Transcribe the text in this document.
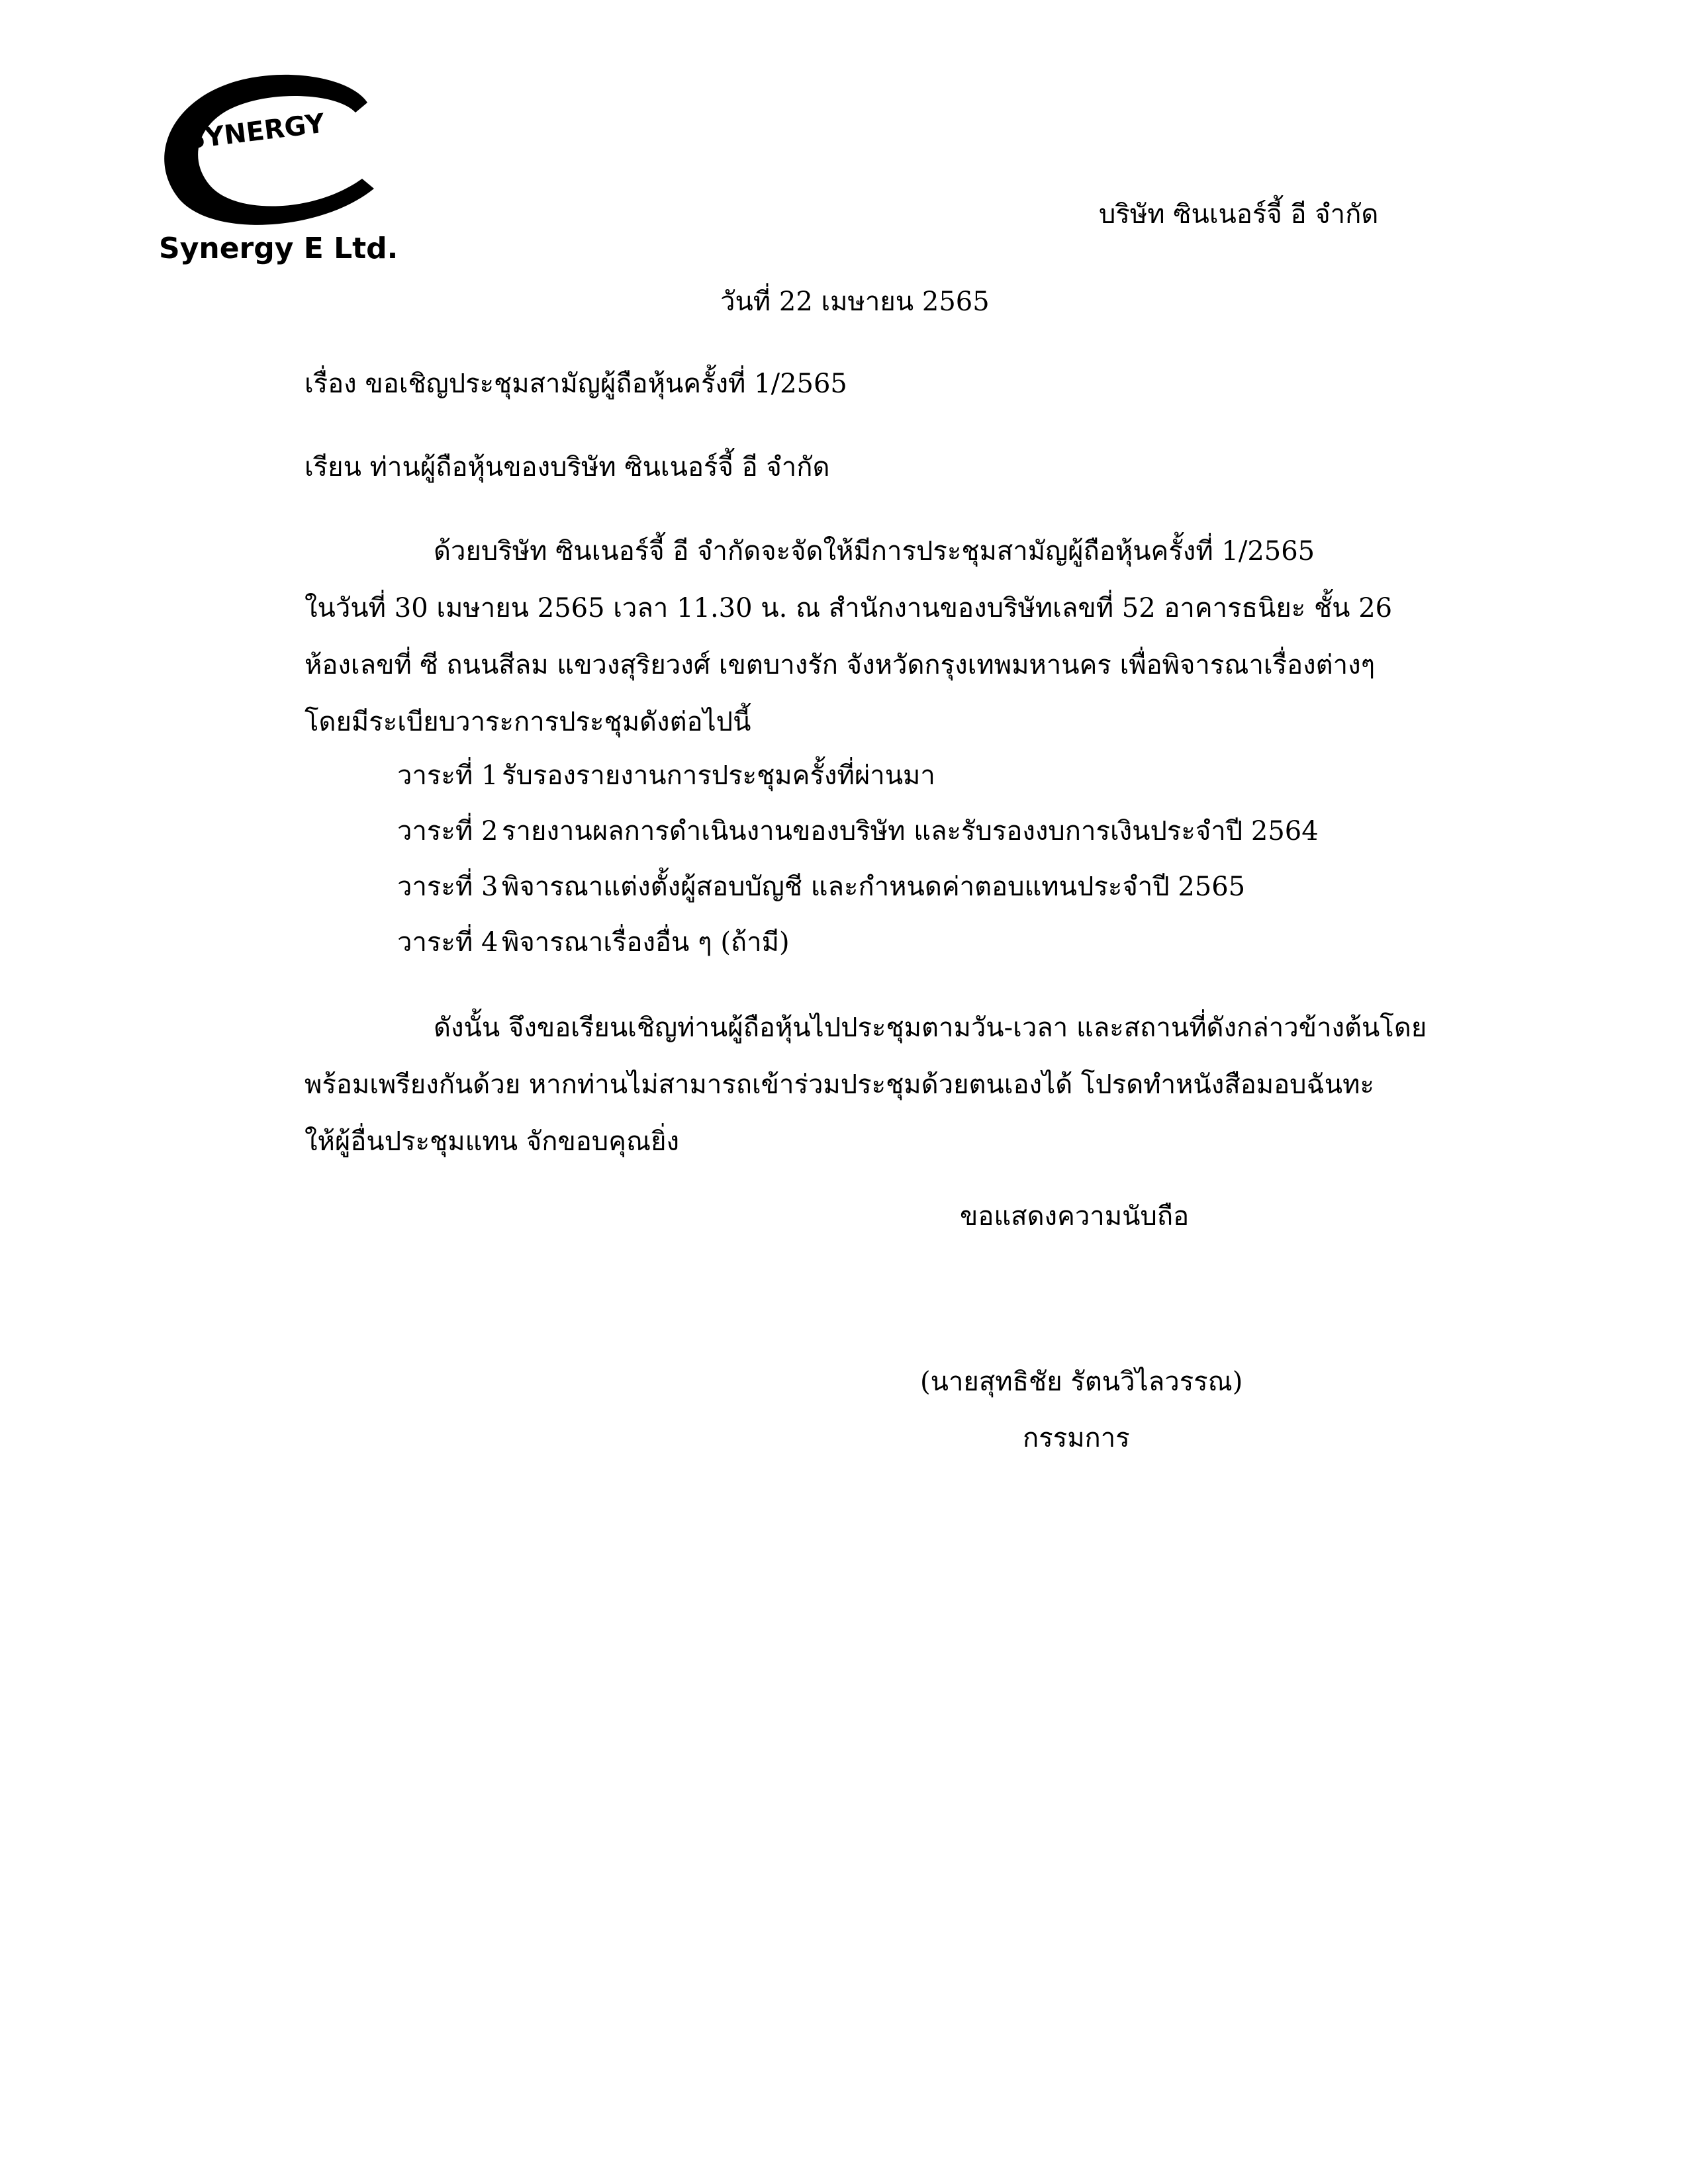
SYNERGY
Synergy E Ltd.
บริษัท ซินเนอร์จี้ อี จำกัด
วันที่ 22 เมษายน 2565
เรื่อง ขอเชิญประชุมสามัญผู้ถือหุ้นครั้งที่ 1/2565
เรียน ท่านผู้ถือหุ้นของบริษัท ซินเนอร์จี้ อี จำกัด
ด้วยบริษัท ซินเนอร์จี้ อี จำกัดจะจัดให้มีการประชุมสามัญผู้ถือหุ้นครั้งที่ 1/2565
ในวันที่ 30 เมษายน 2565 เวลา 11.30 น. ณ สำนักงานของบริษัทเลขที่ 52 อาคารธนิยะ ชั้น 26
ห้องเลขที่ ซี ถนนสีลม แขวงสุริยวงศ์ เขตบางรัก จังหวัดกรุงเทพมหานคร เพื่อพิจารณาเรื่องต่างๆ
โดยมีระเบียบวาระการประชุมดังต่อไปนี้
วาระที่ 1 รับรองรายงานการประชุมครั้งที่ผ่านมา
วาระที่ 2 รายงานผลการดำเนินงานของบริษัท และรับรองงบการเงินประจำปี 2564
วาระที่ 3 พิจารณาแต่งตั้งผู้สอบบัญชี และกำหนดค่าตอบแทนประจำปี 2565
วาระที่ 4 พิจารณาเรื่องอื่น ๆ (ถ้ามี)
ดังนั้น จึงขอเรียนเชิญท่านผู้ถือหุ้นไปประชุมตามวัน-เวลา และสถานที่ดังกล่าวข้างต้นโดย
พร้อมเพรียงกันด้วย หากท่านไม่สามารถเข้าร่วมประชุมด้วยตนเองได้ โปรดทำหนังสือมอบฉันทะ
ให้ผู้อื่นประชุมแทน จักขอบคุณยิ่ง
ขอแสดงความนับถือ
(นายสุทธิชัย รัตนวิไลวรรณ)
กรรมการ
